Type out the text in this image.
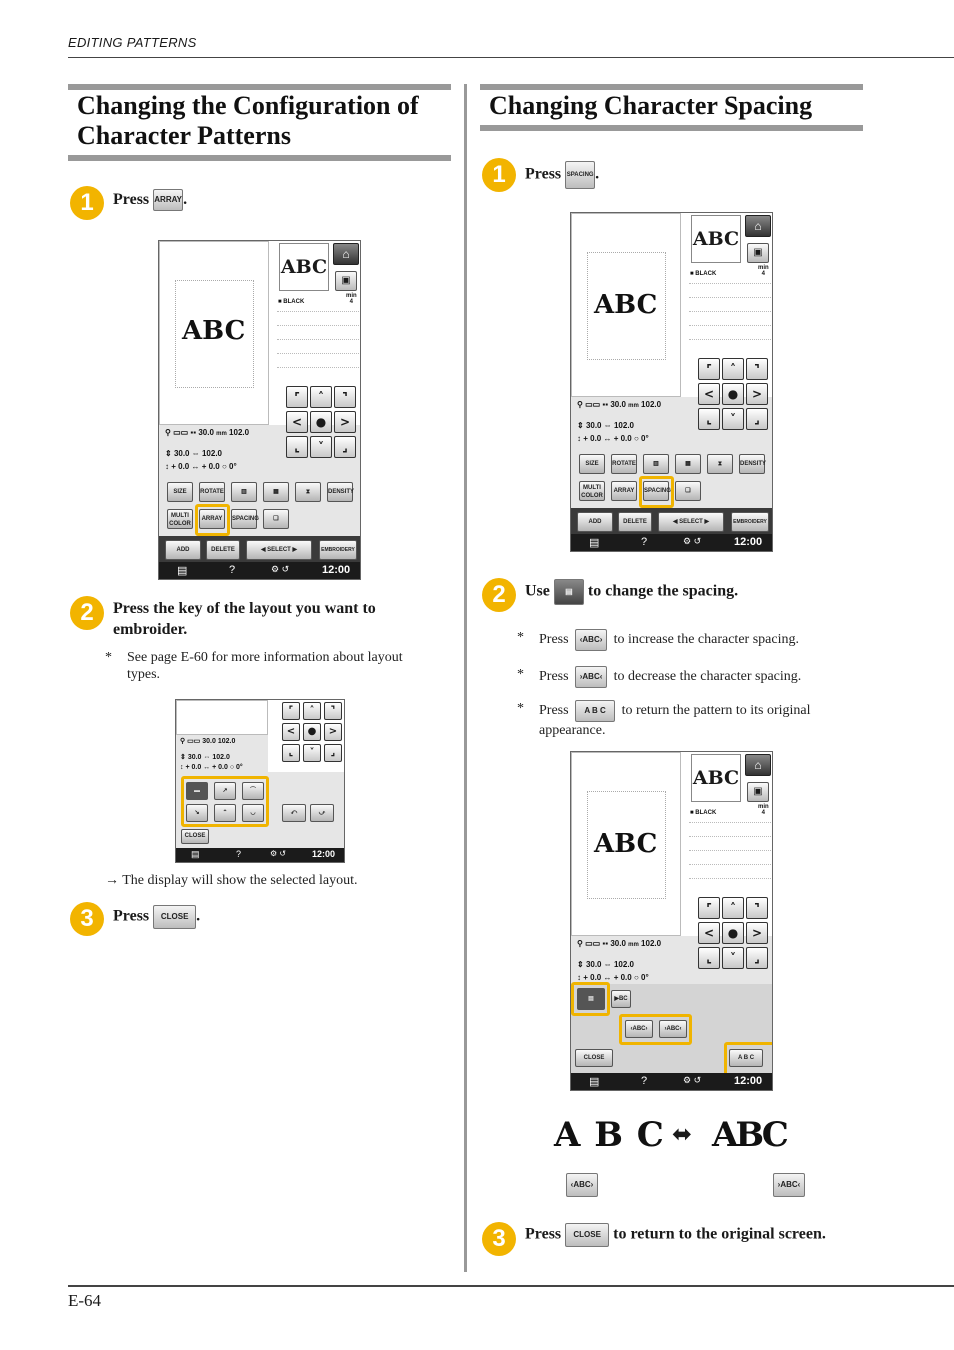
EDITING PATTERNS
Changing the Configuration of
Character Patterns
1	Press ARRAY.
ABC
ABC
⌂
▣
■ BLACK
min
4
⌜	˄	⌝
<	●	>
⌞	˅	⌟
⚲ ▭▭ ▪▪ 30.0 mm 102.0
⇕ 30.0 ⇔ 102.0
↕ + 0.0 ↔ + 0.0 ○ 0°
SIZE	ROTATE	▥	▦	⧗	DENSITY
MULTI COLOR
ARRAY	SPACING	❏
ADD	DELETE	◀ SELECT ▶	EMBROIDERY
▤	?	⚙ ↺	12:00
2	Press the key of the layout you want to
embroider.
* See page E-60 for more information about layout
types.
⌜	˄	⌝
<	●	>
⌞	˅	⌟
⚲ ▭▭ 30.0 102.0
⇕ 30.0 ⇔ 102.0
↕ + 0.0 ↔ + 0.0 ○ 0°
▬	↗	⌒
↘	⌃	◡	⤺	⤻
CLOSE
▤	?	⚙ ↺	12:00
→ The display will show the selected layout.
3	Press CLOSE .
Changing Character Spacing
1	Press SPACING.
ABC
ABC
⌂
▣
■ BLACK
min
4
⌜	˄	⌝
<	●	>
⌞	˅	⌟
⚲ ▭▭ ▪▪ 30.0 mm 102.0
⇕ 30.0 ⇔ 102.0
↕ + 0.0 ↔ + 0.0 ○ 0°
SIZE	ROTATE	▥	▦	⧗	DENSITY
MULTI COLOR
ARRAY	SPACING	❏
ADD	DELETE	◀ SELECT ▶	EMBROIDERY
▤	?	⚙ ↺	12:00
2	Use ▤ to change the spacing.
* Press ‹ABC› to increase the character spacing.
* Press ›ABC‹ to decrease the character spacing.
* Press A B C to return the pattern to its original
appearance.
ABC
ABC
⌂
▣
■ BLACK
min
4
⌜	˄	⌝
<	●	>
⌞	˅	⌟
⚲ ▭▭ ▪▪ 30.0 mm 102.0
⇕ 30.0 ⇔ 102.0
↕ + 0.0 ↔ + 0.0 ○ 0°
▤	▶BC
‹ABC›	›ABC‹
A B C
CLOSE
▤	?	⚙ ↺	12:00
A B C ⬌ ABC
‹ABC›	›ABC‹
3	Press CLOSE to return to the original screen.
E-64
